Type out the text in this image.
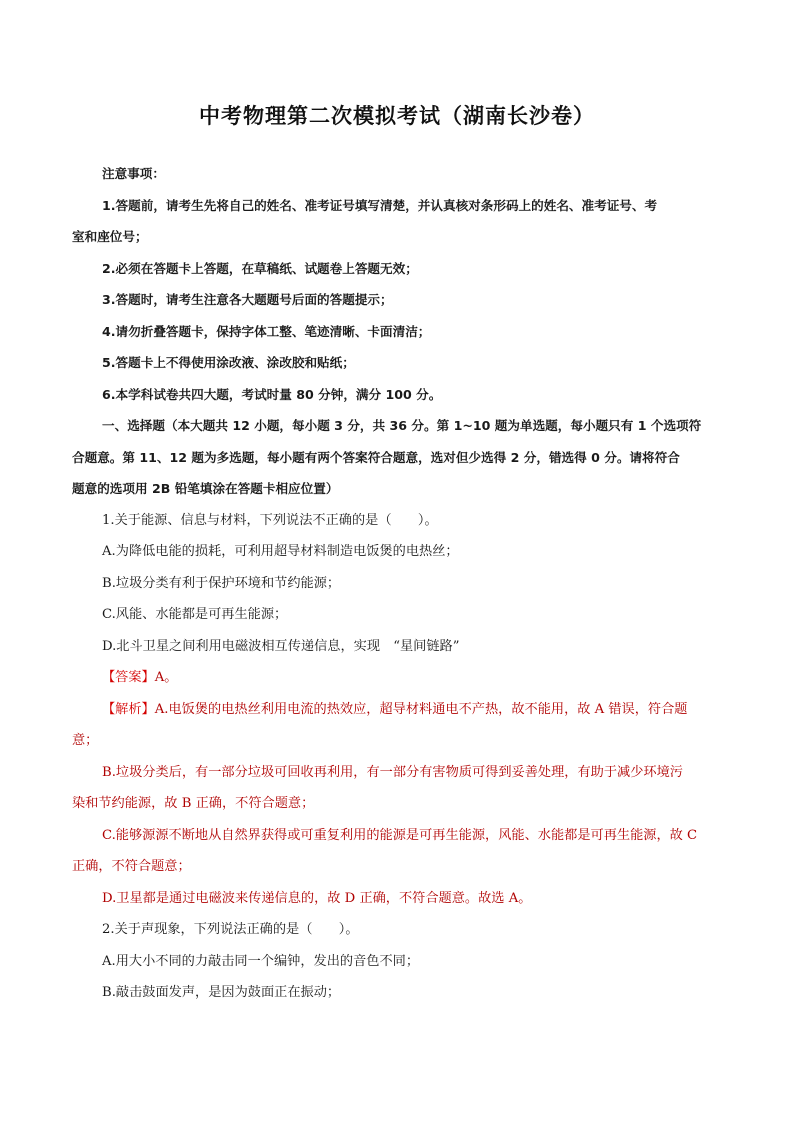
中考物理第二次模拟考试（湖南长沙卷）
注意事项：
1.答题前，请考生先将自己的姓名、准考证号填写清楚，并认真核对条形码上的姓名、准考证号、考
室和座位号；
2.必须在答题卡上答题，在草稿纸、试题卷上答题无效；
3.答题时，请考生注意各大题题号后面的答题提示；
4.请勿折叠答题卡，保持字体工整、笔迹清晰、卡面清洁；
5.答题卡上不得使用涂改液、涂改胶和贴纸；
6.本学科试卷共四大题，考试时量 80 分钟，满分 100 分。
一、选择题（本大题共 12 小题，每小题 3 分，共 36 分。第 1~10 题为单选题，每小题只有 1 个选项符
合题意。第 11、12 题为多选题，每小题有两个答案符合题意，选对但少选得 2 分，错选得 0 分。请将符合
题意的选项用 2B 铅笔填涂在答题卡相应位置）
1.关于能源、信息与材料，下列说法不正确的是（　　）。
A.为降低电能的损耗，可利用超导材料制造电饭煲的电热丝；
B.垃圾分类有利于保护环境和节约能源；
C.风能、水能都是可再生能源；
D.北斗卫星之间利用电磁波相互传递信息，实现　“星间链路”
【答案】A。
【解析】A.电饭煲的电热丝利用电流的热效应，超导材料通电不产热，故不能用，故 A 错误，符合题
意；
B.垃圾分类后，有一部分垃圾可回收再利用，有一部分有害物质可得到妥善处理，有助于减少环境污
染和节约能源，故 B 正确，不符合题意；
C.能够源源不断地从自然界获得或可重复利用的能源是可再生能源，风能、水能都是可再生能源，故 C
正确，不符合题意；
D.卫星都是通过电磁波来传递信息的，故 D 正确，不符合题意。故选 A。
2.关于声现象，下列说法正确的是（　　）。
A.用大小不同的力敲击同一个编钟，发出的音色不同；
B.敲击鼓面发声，是因为鼓面正在振动；
